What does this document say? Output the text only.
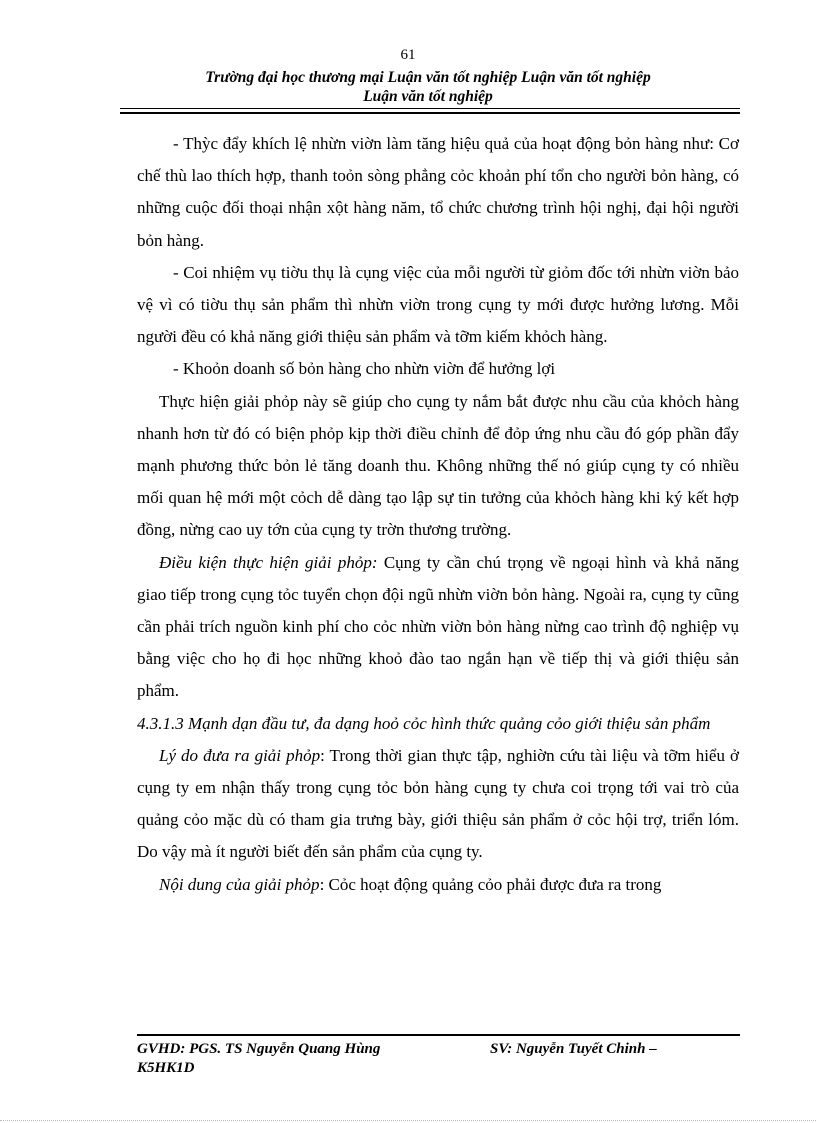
61
Trường đại học thương mại Luận văn tốt nghiệp Luận văn tốt nghiệp
Luận văn tốt nghiệp

- Thỳc đẩy khích lệ nhừn viờn làm tăng hiệu quả của hoạt động bỏn hàng như: Cơ chế thù lao thích hợp, thanh toỏn sòng phẳng cỏc khoản phí tổn cho người bỏn hàng, có những cuộc đối thoại nhận xột hàng năm, tổ chức chương trình hội nghị, đại hội người bỏn hàng.

- Coi nhiệm vụ tiờu thụ là cụng việc của mỗi người từ giỏm đốc tới nhừn viờn bảo vệ vì có tiờu thụ sản phẩm thì nhừn viờn trong cụng ty mới được hưởng lương. Mỗi người đều có khả năng giới thiệu sản phẩm và tỡm kiếm khỏch hàng.

- Khoỏn doanh số bỏn hàng cho nhừn viờn để hưởng lợi

Thực hiện giải phỏp này sẽ giúp cho cụng ty nắm bắt được nhu cầu của khỏch hàng nhanh hơn từ đó có biện phỏp kịp thời điều chỉnh để đỏp ứng nhu cầu đó góp phần đẩy mạnh phương thức bỏn lẻ tăng doanh thu. Không những thế nó giúp cụng ty có nhiều mối quan hệ mới một cỏch dễ dàng tạo lập sự tin tưởng của khỏch hàng khi ký kết hợp đồng, nừng cao uy tớn của cụng ty trờn thương trường.

Điều kiện thực hiện giải phỏp: Cụng ty cần chú trọng về ngoại hình và khả năng giao tiếp trong cụng tỏc tuyển chọn đội ngũ nhừn viờn bỏn hàng. Ngoài ra, cụng ty cũng cần phải trích nguồn kinh phí cho cỏc nhừn viờn bỏn hàng nừng cao trình độ nghiệp vụ bằng việc cho họ đi học những khoỏ đào tao ngắn hạn về tiếp thị và giới thiệu sản phẩm.

4.3.1.3 Mạnh dạn đầu tư, đa dạng hoỏ cỏc hình thức quảng cỏo giới thiệu sản phẩm

Lý do đưa ra giải phỏp: Trong thời gian thực tập, nghiờn cứu tài liệu và tỡm hiểu ở cụng ty em nhận thấy trong cụng tỏc bỏn hàng cụng ty chưa coi trọng tới vai trò của quảng cỏo mặc dù có tham gia trưng bày, giới thiệu sản phẩm ở cỏc hội trợ, triển lóm. Do vậy mà ít người biết đến sản phẩm của cụng ty.

Nội dung của giải phỏp: Cỏc hoạt động quảng cỏo phải được đưa ra trong

GVHD: PGS. TS Nguyễn Quang Hùng	SV: Nguyễn Tuyết Chinh –
K5HK1D
